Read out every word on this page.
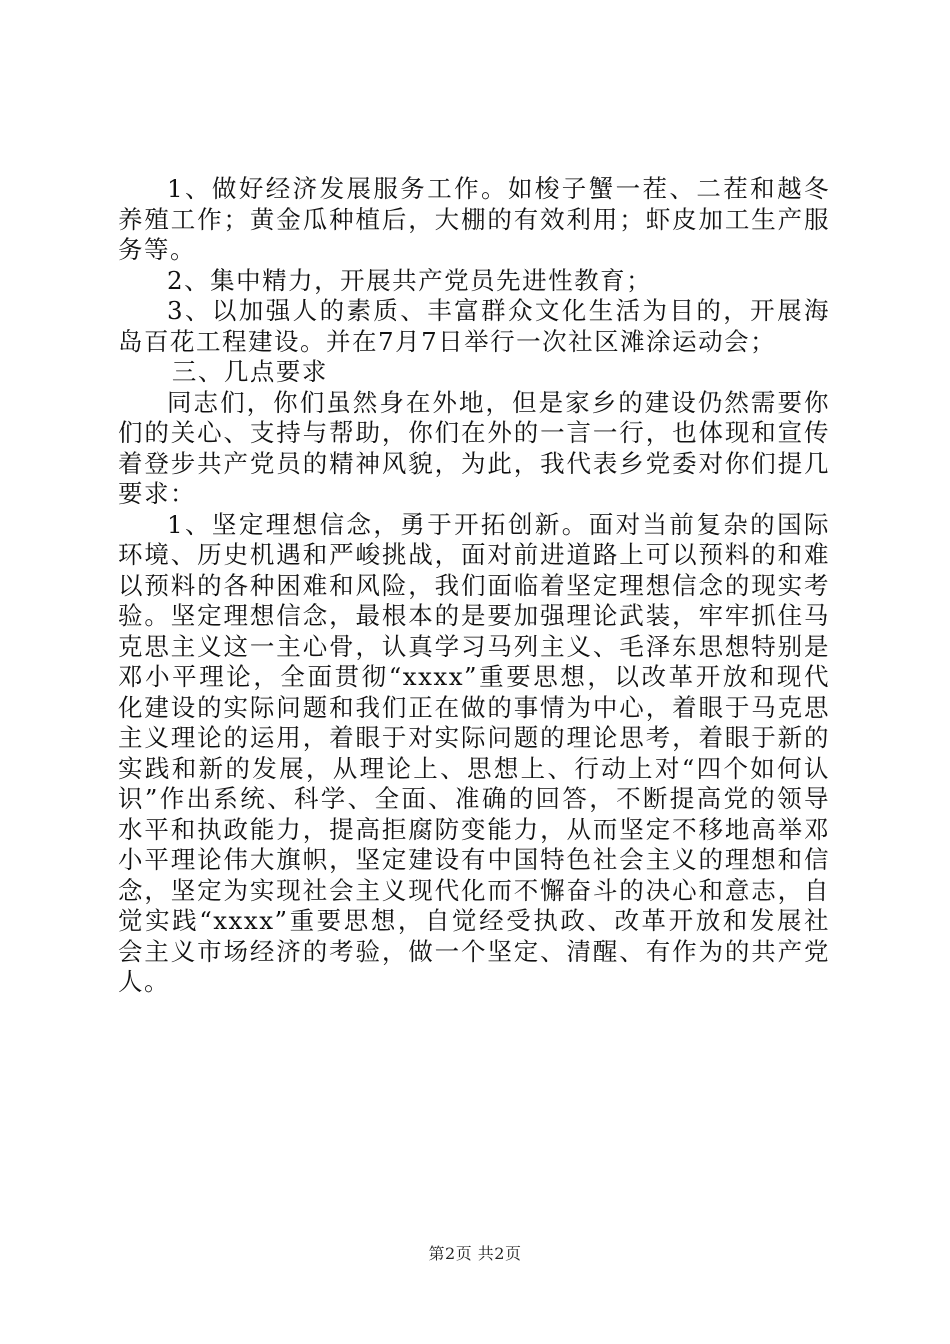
1、做好经济发展服务工作。如梭子蟹一茬、二茬和越冬养殖工作；黄金瓜种植后，大棚的有效利用；虾皮加工生产服务等。

2、集中精力，开展共产党员先进性教育；

3、以加强人的素质、丰富群众文化生活为目的，开展海岛百花工程建设。并在7月7日举行一次社区滩涂运动会；

三、几点要求

同志们，你们虽然身在外地，但是家乡的建设仍然需要你们的关心、支持与帮助，你们在外的一言一行，也体现和宣传着登步共产党员的精神风貌，为此，我代表乡党委对你们提几要求：

1、坚定理想信念，勇于开拓创新。面对当前复杂的国际环境、历史机遇和严峻挑战，面对前进道路上可以预料的和难以预料的各种困难和风险，我们面临着坚定理想信念的现实考验。坚定理想信念，最根本的是要加强理论武装，牢牢抓住马克思主义这一主心骨，认真学习马列主义、毛泽东思想特别是邓小平理论，全面贯彻“xxxx”重要思想，以改革开放和现代化建设的实际问题和我们正在做的事情为中心，着眼于马克思主义理论的运用，着眼于对实际问题的理论思考，着眼于新的实践和新的发展，从理论上、思想上、行动上对“四个如何认识”作出系统、科学、全面、准确的回答，不断提高党的领导水平和执政能力，提高拒腐防变能力，从而坚定不移地高举邓小平理论伟大旗帜，坚定建设有中国特色社会主义的理想和信念，坚定为实现社会主义现代化而不懈奋斗的决心和意志，自觉实践“xxxx”重要思想，自觉经受执政、改革开放和发展社会主义市场经济的考验，做一个坚定、清醒、有作为的共产党人。

第2页 共2页
